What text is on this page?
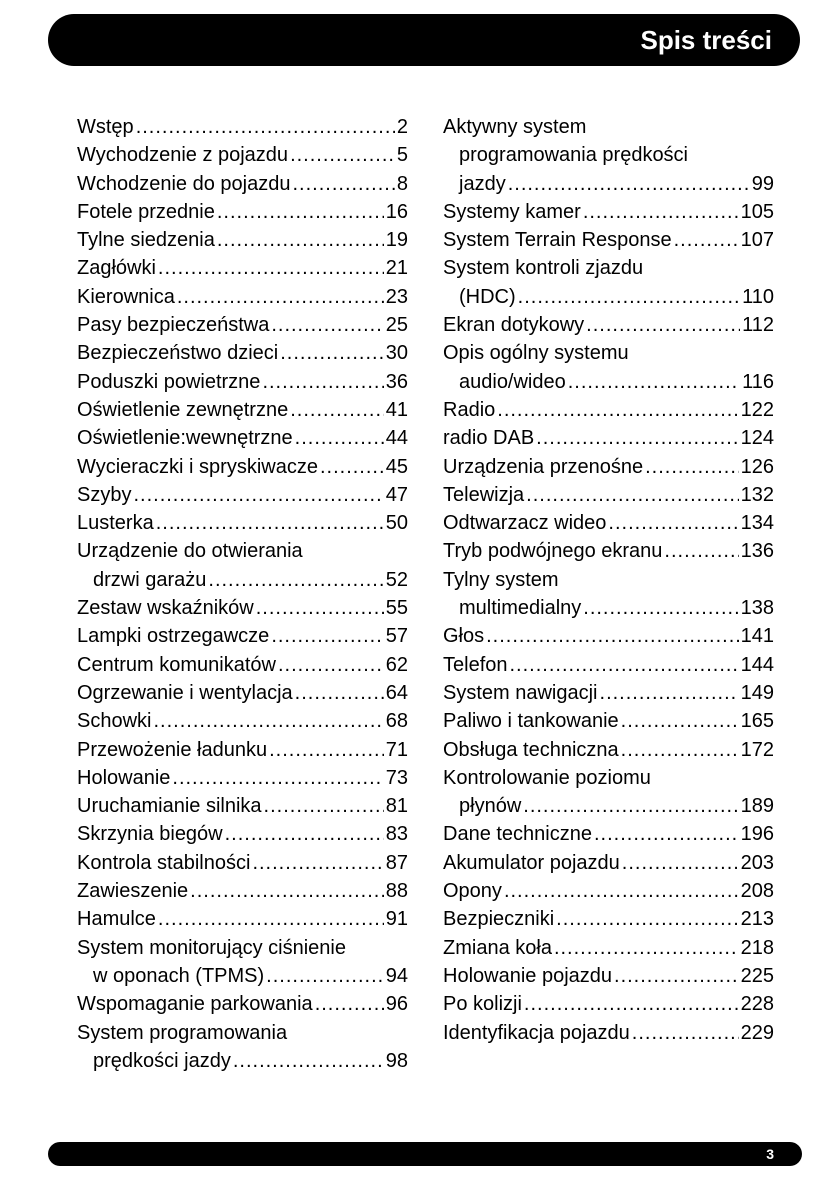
Spis treści
Wstęp .....	2
Wychodzenie z pojazdu .....	5
Wchodzenie do pojazdu .....	8
Fotele przednie .....	16
Tylne siedzenia .....	19
Zagłówki .....	21
Kierownica .....	23
Pasy bezpieczeństwa .....	25
Bezpieczeństwo dzieci .....	30
Poduszki powietrzne .....	36
Oświetlenie zewnętrzne .....	41
Oświetlenie:wewnętrzne .....	44
Wycieraczki i spryskiwacze .....	45
Szyby .....	47
Lusterka .....	50
Urządzenie do otwierania
drzwi garażu .....	52
Zestaw wskaźników .....	55
Lampki ostrzegawcze .....	57
Centrum komunikatów .....	62
Ogrzewanie i wentylacja .....	64
Schowki .....	68
Przewożenie ładunku .....	71
Holowanie .....	73
Uruchamianie silnika .....	81
Skrzynia biegów .....	83
Kontrola stabilności .....	87
Zawieszenie .....	88
Hamulce .....	91
System monitorujący ciśnienie
w oponach (TPMS) .....	94
Wspomaganie parkowania .....	96
System programowania
prędkości jazdy .....	98
Aktywny system
programowania prędkości
jazdy .....	99
Systemy kamer .....	105
System Terrain Response .....	107
System kontroli zjazdu
(HDC) .....	110
Ekran dotykowy .....	112
Opis ogólny systemu
audio/wideo .....	116
Radio .....	122
radio DAB .....	124
Urządzenia przenośne .....	126
Telewizja .....	132
Odtwarzacz wideo .....	134
Tryb podwójnego ekranu .....	136
Tylny system
multimedialny .....	138
Głos .....	141
Telefon .....	144
System nawigacji .....	149
Paliwo i tankowanie .....	165
Obsługa techniczna .....	172
Kontrolowanie poziomu
płynów .....	189
Dane techniczne .....	196
Akumulator pojazdu .....	203
Opony .....	208
Bezpieczniki .....	213
Zmiana koła .....	218
Holowanie pojazdu .....	225
Po kolizji .....	228
Identyfikacja pojazdu .....	229
3
